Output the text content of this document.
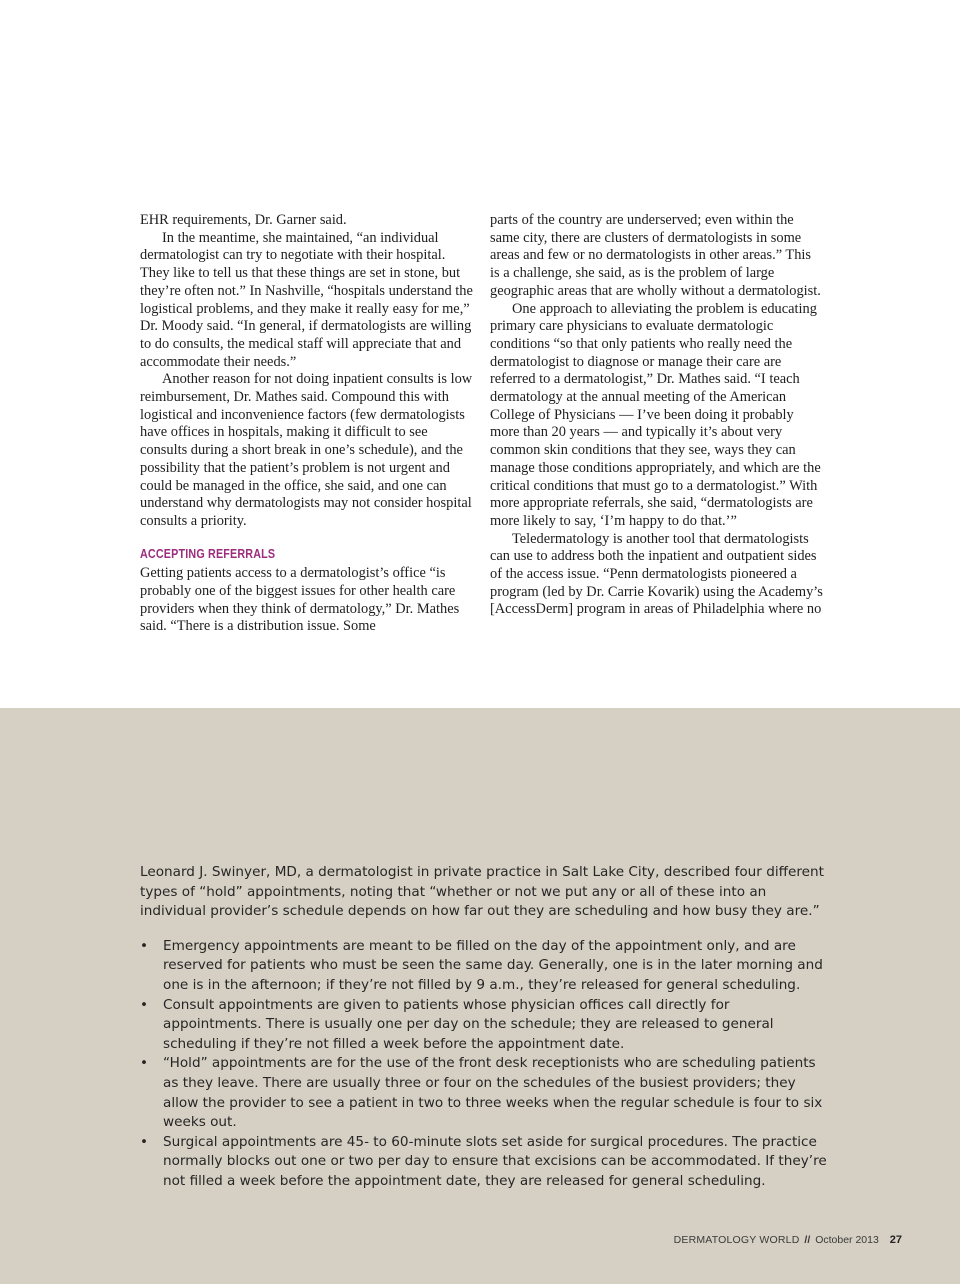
EHR requirements, Dr. Garner said.

In the meantime, she maintained, “an individual dermatologist can try to negotiate with their hospital. They like to tell us that these things are set in stone, but they’re often not.” In Nashville, “hospitals understand the logistical problems, and they make it really easy for me,” Dr. Moody said. “In general, if dermatologists are willing to do consults, the medical staff will appreciate that and accommodate their needs.”

Another reason for not doing inpatient consults is low reimbursement, Dr. Mathes said. Compound this with logistical and inconvenience factors (few dermatologists have offices in hospitals, making it difficult to see consults during a short break in one’s schedule), and the possibility that the patient’s problem is not urgent and could be managed in the office, she said, and one can understand why dermatologists may not consider hospital consults a priority.

ACCEPTING REFERRALS

Getting patients access to a dermatologist’s office “is probably one of the biggest issues for other health care providers when they think of dermatology,” Dr. Mathes said. “There is a distribution issue. Some

parts of the country are underserved; even within the same city, there are clusters of dermatologists in some areas and few or no dermatologists in other areas.” This is a challenge, she said, as is the problem of large geographic areas that are wholly without a dermatologist.

One approach to alleviating the problem is educating primary care physicians to evaluate dermatologic conditions “so that only patients who really need the dermatologist to diagnose or manage their care are referred to a dermatologist,” Dr. Mathes said. “I teach dermatology at the annual meeting of the American College of Physicians — I’ve been doing it probably more than 20 years — and typically it’s about very common skin conditions that they see, ways they can manage those conditions appropriately, and which are the critical conditions that must go to a dermatologist.” With more appropriate referrals, she said, “dermatologists are more likely to say, ‘I’m happy to do that.’”

Teledermatology is another tool that dermatologists can use to address both the inpatient and outpatient sides of the access issue. “Penn dermatologists pioneered a program (led by Dr. Carrie Kovarik) using the Academy’s [AccessDerm] program in areas of Philadelphia where no

Leonard J. Swinyer, MD, a dermatologist in private practice in Salt Lake City, described four different types of “hold” appointments, noting that “whether or not we put any or all of these into an individual provider’s schedule depends on how far out they are scheduling and how busy they are.”

• Emergency appointments are meant to be filled on the day of the appointment only, and are reserved for patients who must be seen the same day. Generally, one is in the later morning and one is in the afternoon; if they’re not filled by 9 a.m., they’re released for general scheduling.
• Consult appointments are given to patients whose physician offices call directly for appointments. There is usually one per day on the schedule; they are released to general scheduling if they’re not filled a week before the appointment date.
• “Hold” appointments are for the use of the front desk receptionists who are scheduling patients as they leave. There are usually three or four on the schedules of the busiest providers; they allow the provider to see a patient in two to three weeks when the regular schedule is four to six weeks out.
• Surgical appointments are 45- to 60-minute slots set aside for surgical procedures. The practice normally blocks out one or two per day to ensure that excisions can be accommodated. If they’re not filled a week before the appointment date, they are released for general scheduling.
DERMATOLOGY WORLD // October 2013 27
